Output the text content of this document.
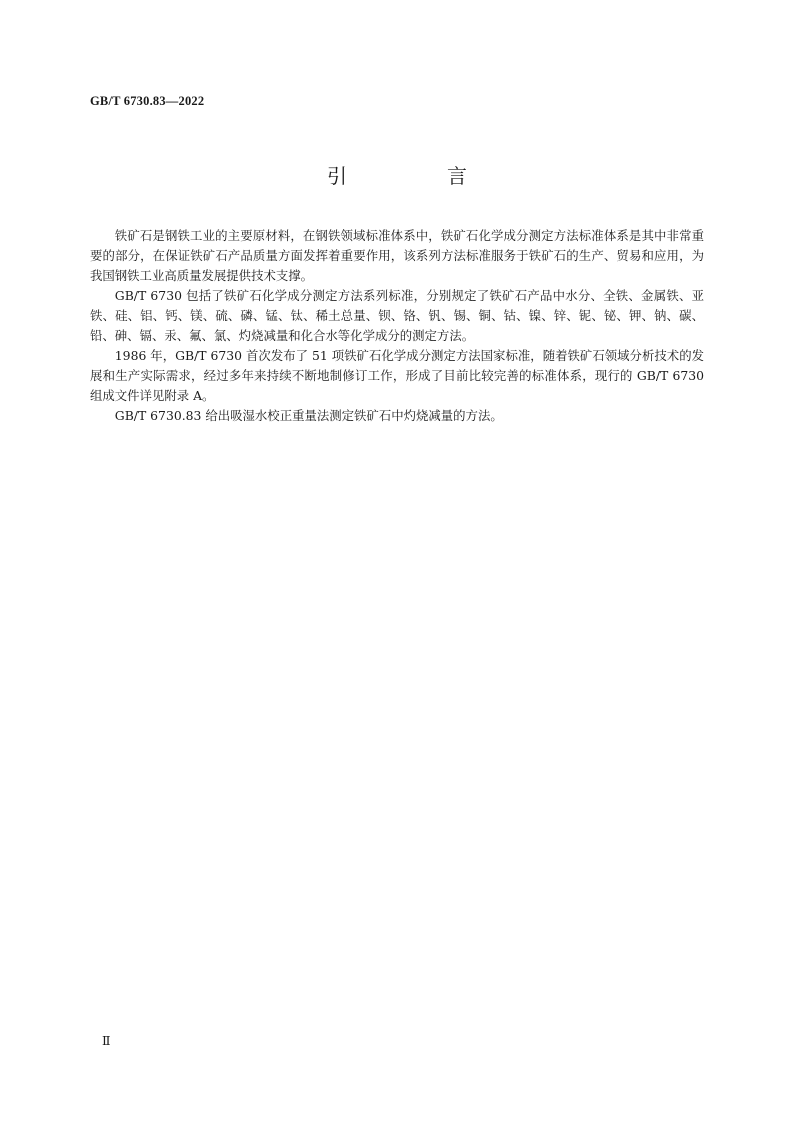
GB/T 6730.83—2022
引　言

铁矿石是钢铁工业的主要原材料，在钢铁领域标准体系中，铁矿石化学成分测定方法标准体系是其中非常重要的部分，在保证铁矿石产品质量方面发挥着重要作用，该系列方法标准服务于铁矿石的生产、贸易和应用，为我国钢铁工业高质量发展提供技术支撑。

GB/T 6730 包括了铁矿石化学成分测定方法系列标准，分别规定了铁矿石产品中水分、全铁、金属铁、亚铁、硅、铝、钙、镁、硫、磷、锰、钛、稀土总量、钡、铬、钒、锡、铜、钴、镍、锌、铌、铋、钾、钠、碳、铅、砷、镉、汞、氟、氯、灼烧减量和化合水等化学成分的测定方法。

1986 年，GB/T 6730 首次发布了 51 项铁矿石化学成分测定方法国家标准，随着铁矿石领域分析技术的发展和生产实际需求，经过多年来持续不断地制修订工作，形成了目前比较完善的标准体系，现行的 GB/T 6730 组成文件详见附录 A。

GB/T 6730.83 给出吸湿水校正重量法测定铁矿石中灼烧减量的方法。

Ⅱ
